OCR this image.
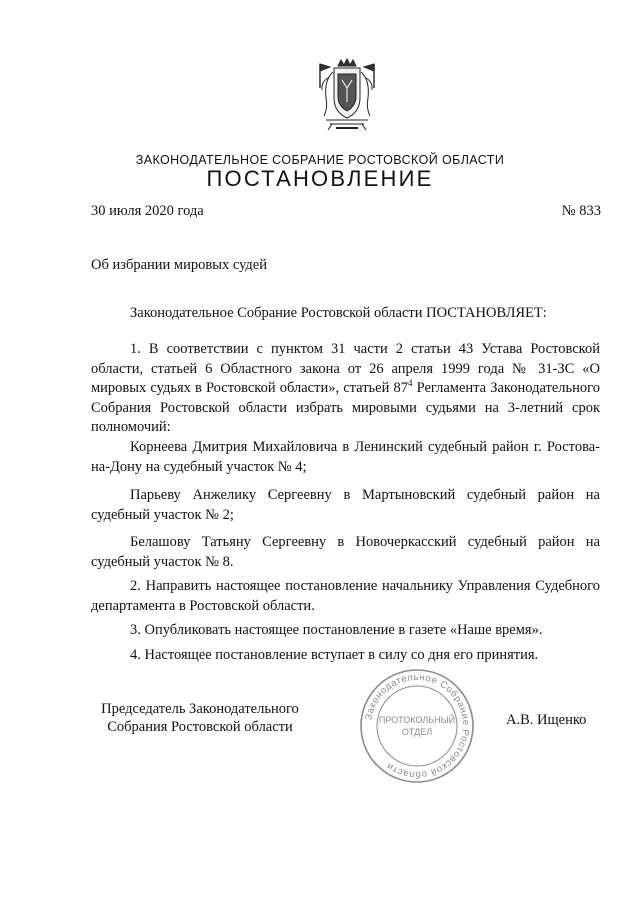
ЗАКОНОДАТЕЛЬНОЕ СОБРАНИЕ РОСТОВСКОЙ ОБЛАСТИ
ПОСТАНОВЛЕНИЕ
30 июля 2020 года	№ 833
Об избрании мировых судей
Законодательное Собрание Ростовской области ПОСТАНОВЛЯЕТ:
1. В соответствии с пунктом 31 части 2 статьи 43 Устава Ростовской области, статьей 6 Областного закона от 26 апреля 1999 года № 31-ЗС «О мировых судьях в Ростовской области», статьей $87^4$ Регламента Законодательного Собрания Ростовской области избрать мировыми судьями на 3-летний срок полномочий:
Корнеева Дмитрия Михайловича в Ленинский судебный район г. Ростова-на-Дону на судебный участок № 4;
Парьеву Анжелику Сергеевну в Мартыновский судебный район на судебный участок № 2;
Белашову Татьяну Сергеевну в Новочеркасский судебный район на судебный участок № 8.
2. Направить настоящее постановление начальнику Управления Судебного департамента в Ростовской области.
3. Опубликовать настоящее постановление в газете «Наше время».
4. Настоящее постановление вступает в силу со дня его принятия.
Председатель Законодательного
Собрания Ростовской области
Законодательное Собрание Ростовской области
ПРОТОКОЛЬНЫЙ
ОТДЕЛ
А.В. Ищенко
